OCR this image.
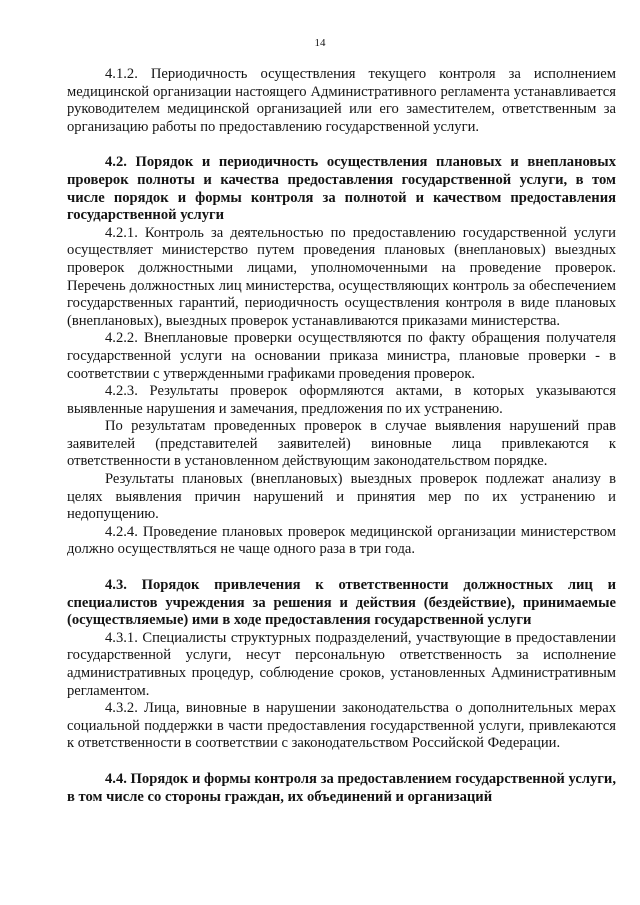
14

4.1.2. Периодичность осуществления текущего контроля за исполнением медицинской организации настоящего Административного регламента устанавливается руководителем медицинской организацией или его заместителем, ответственным за организацию работы по предоставлению государственной услуги.

4.2. Порядок и периодичность осуществления плановых и внеплановых проверок полноты и качества предоставления государственной услуги, в том числе порядок и формы контроля за полнотой и качеством предоставления государственной услуги

4.2.1. Контроль за деятельностью по предоставлению государственной услуги осуществляет министерство путем проведения плановых (внеплановых) выездных проверок должностными лицами, уполномоченными на проведение проверок. Перечень должностных лиц министерства, осуществляющих контроль за обеспечением государственных гарантий, периодичность осуществления контроля в виде плановых (внеплановых), выездных проверок устанавливаются приказами министерства.

4.2.2. Внеплановые проверки осуществляются по факту обращения получателя государственной услуги на основании приказа министра, плановые проверки - в соответствии с утвержденными графиками проведения проверок.

4.2.3. Результаты проверок оформляются актами, в которых указываются выявленные нарушения и замечания, предложения по их устранению.

По результатам проведенных проверок в случае выявления нарушений прав заявителей (представителей заявителей) виновные лица привлекаются к ответственности в установленном действующим законодательством порядке.

Результаты плановых (внеплановых) выездных проверок подлежат анализу в целях выявления причин нарушений и принятия мер по их устранению и недопущению.

4.2.4. Проведение плановых проверок медицинской организации министерством должно осуществляться не чаще одного раза в три года.

4.3. Порядок привлечения к ответственности должностных лиц и специалистов учреждения за решения и действия (бездействие), принимаемые (осуществляемые) ими в ходе предоставления государственной услуги

4.3.1. Специалисты структурных подразделений, участвующие в предоставлении государственной услуги, несут персональную ответственность за исполнение административных процедур, соблюдение сроков, установленных Административным регламентом.

4.3.2. Лица, виновные в нарушении законодательства о дополнительных мерах социальной поддержки в части предоставления государственной услуги, привлекаются к ответственности в соответствии с законодательством Российской Федерации.

4.4. Порядок и формы контроля за предоставлением государственной услуги, в том числе со стороны граждан, их объединений и организаций
